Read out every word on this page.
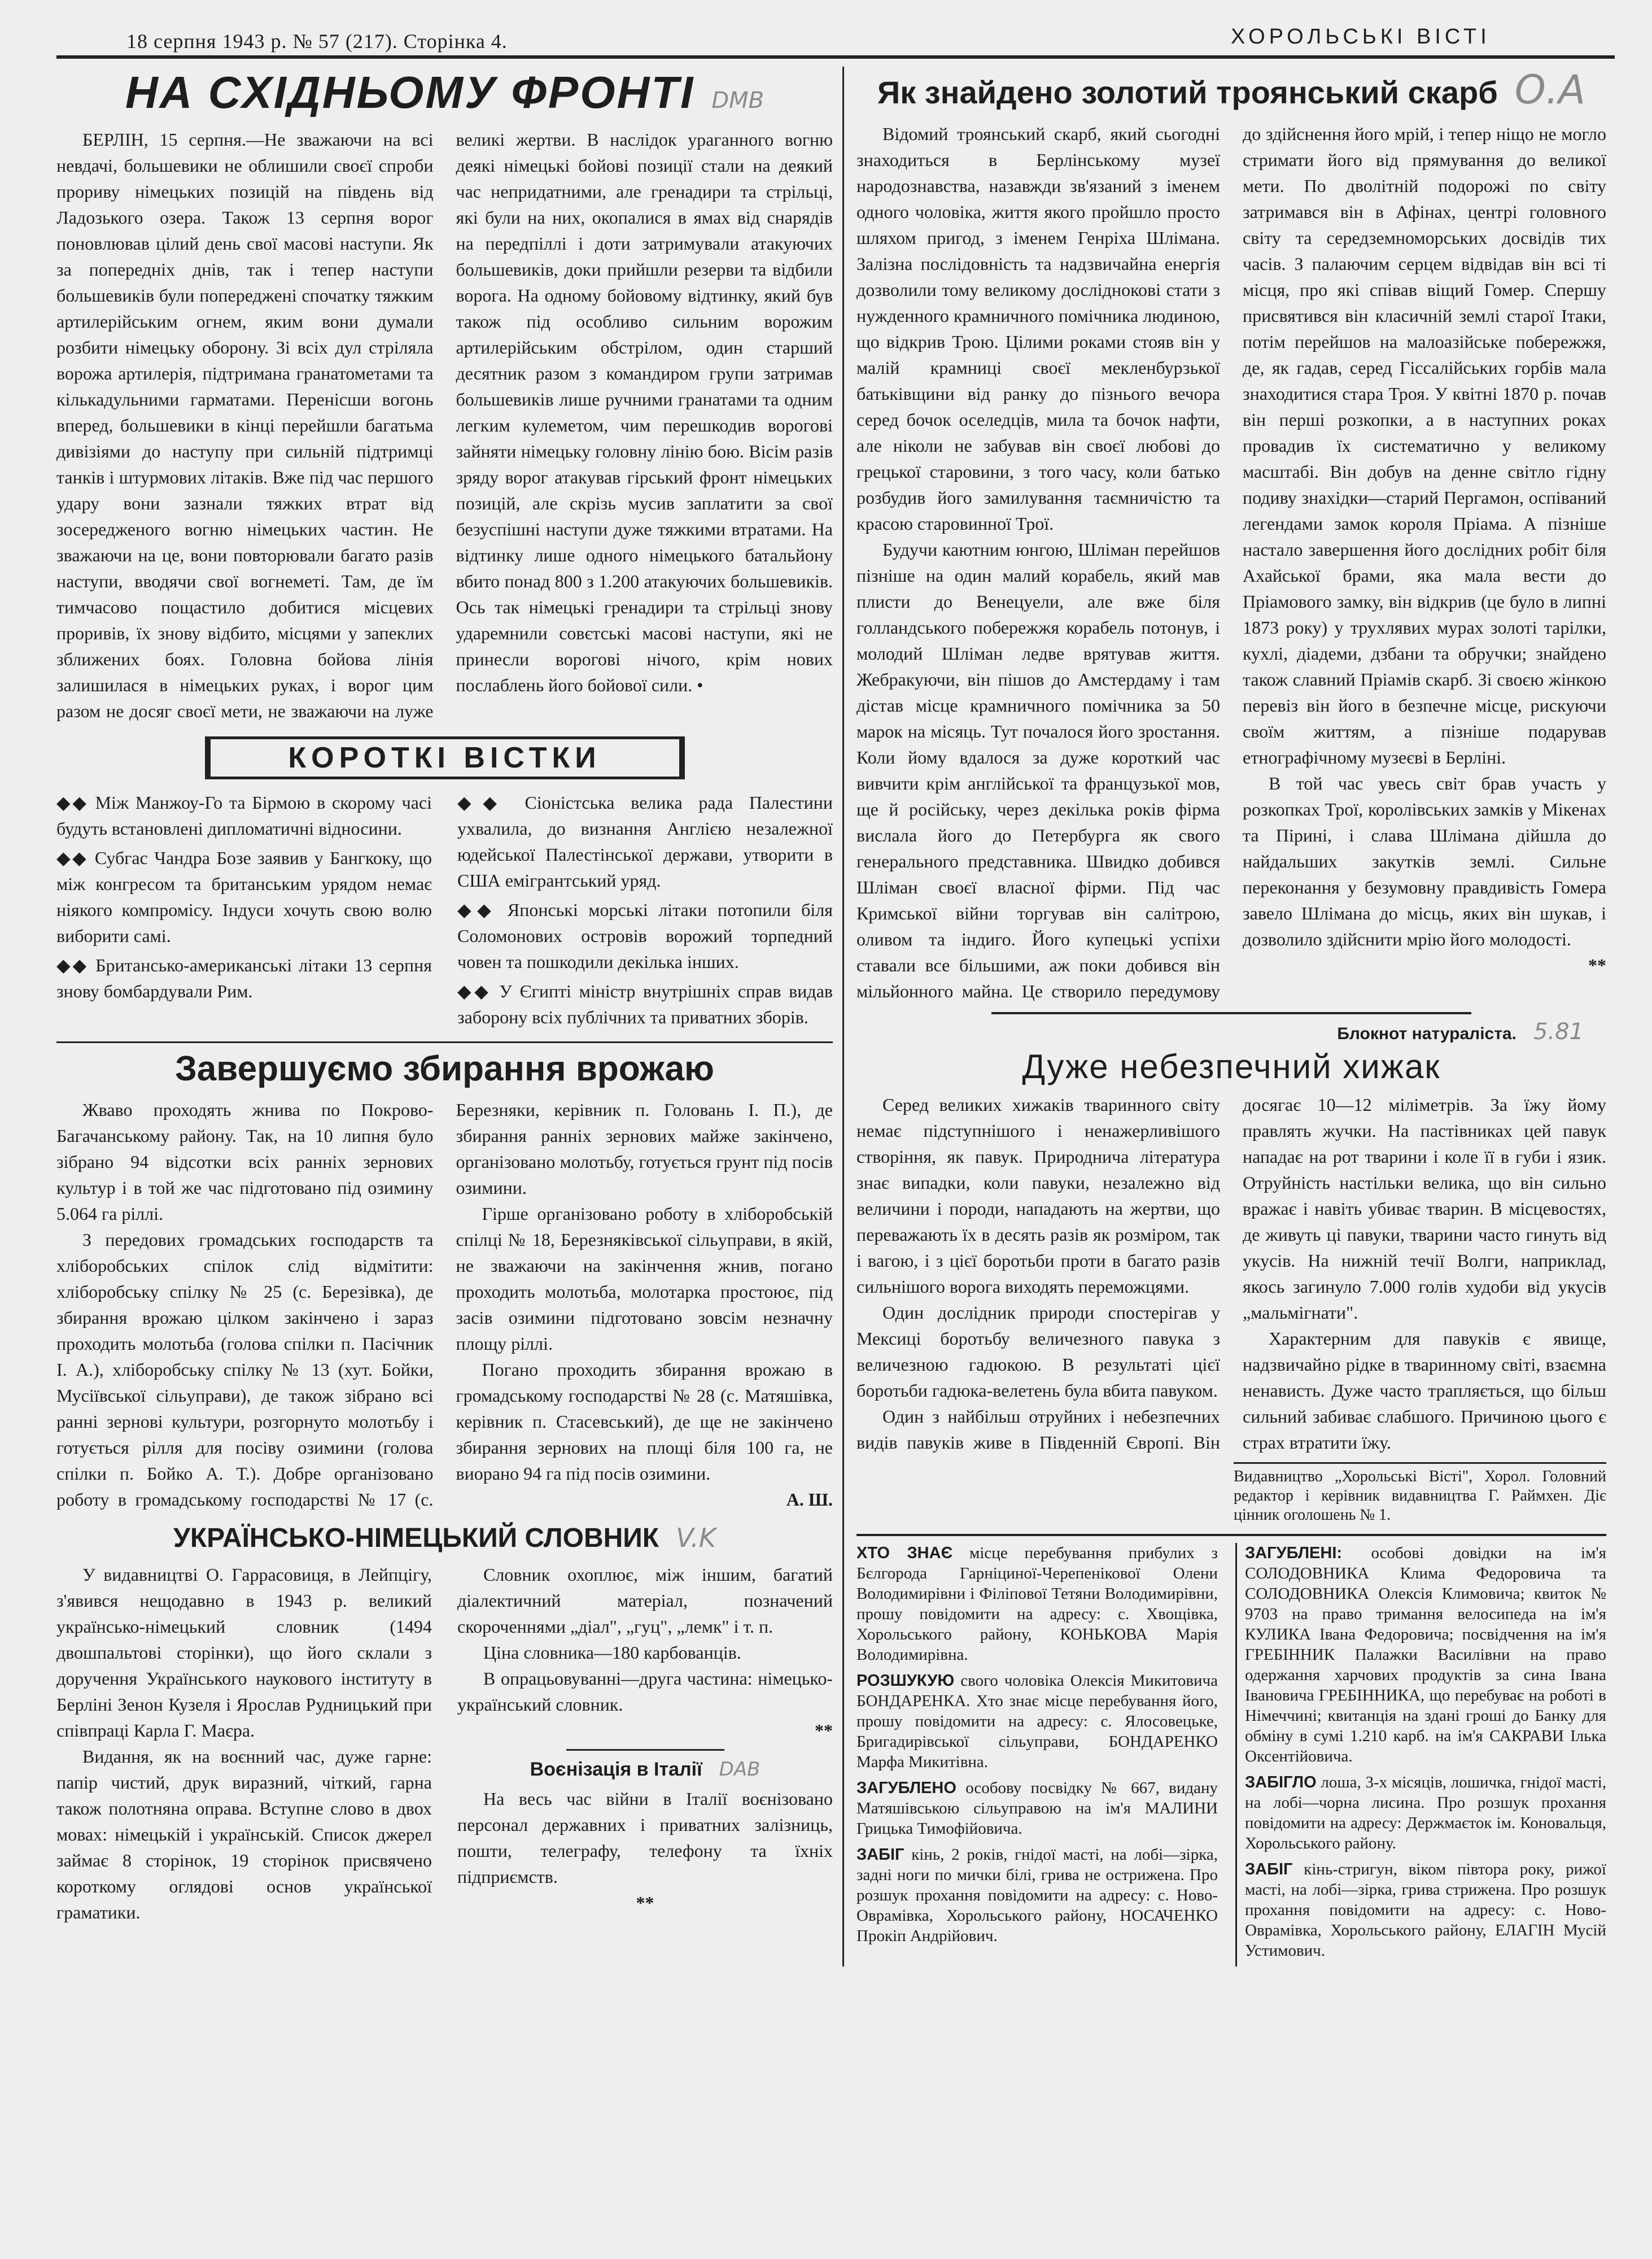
18 серпня 1943 р. № 57 (217). Сторінка 4.	ХОРОЛЬСЬКІ ВІСТІ
НА СХІДНЬОМУ ФРОНТІ DMB

БЕРЛІН, 15 серпня.—Не зважаючи на всі невдачі, большевики не облишили своєї спроби прориву німецьких позицій на південь від Ладозького озера. Також 13 серпня ворог поновлював цілий день свої масові наступи. Як за попередніх днів, так і тепер наступи большевиків були попереджені спочатку тяжким артилерійським огнем, яким вони думали розбити німецьку оборону. Зі всіх дул стріляла ворожа артилерія, підтримана гранатометами та кількадульними гарматами. Перенісши вогонь вперед, большевики в кінці перейшли багатьма дивізіями до наступу при сильній підтримці танків і штурмових літаків. Вже під час першого удару вони зазнали тяжких втрат від зосередженого вогню німецьких частин. Не зважаючи на це, вони повторювали багато разів наступи, вводячи свої вогнеметі. Там, де їм тимчасово пощастило добитися місцевих проривів, їх знову відбито, місцями у запеклих зближених боях. Головна бойова лінія залишилася в німецьких руках, і ворог цим разом не досяг своєї мети, не зважаючи на луже великі жертви. В наслідок ураганного вогню деякі німецькі бойові позиції стали на деякий час непридатними, але гренадири та стрільці, які були на них, окопалися в ямах від снарядів на передпіллі і доти затримували атакуючих большевиків, доки прийшли резерви та відбили ворога. На одному бойовому відтинку, який був також під особливо сильним ворожим артилерійським обстрілом, один старший десятник разом з командиром групи затримав большевиків лише ручними гранатами та одним легким кулеметом, чим перешкодив ворогові зайняти німецьку головну лінію бою. Вісім разів зряду ворог атакував гірський фронт німецьких позицій, але скрізь мусив заплатити за свої безуспішні наступи дуже тяжкими втратами. На відтинку лише одного німецького батальйону вбито понад 800 з 1.200 атакуючих большевиків. Ось так німецькі гренадири та стрільці знову ударемнили совєтські масові наступи, які не принесли ворогові нічого, крім нових послаблень його бойової сили. •

КОРОТКІ ВІСТКИ

◆◆ Між Манжоу-Го та Бірмою в скорому часі будуть встановлені дипломатичні відносини.

◆◆ Субгас Чандра Бозе заявив у Бангкоку, що між конгресом та британським урядом немає ніякого компромісу. Індуси хочуть свою волю виборити самі.

◆◆ Британсько-американські літаки 13 серпня знову бомбардували Рим.

◆◆ Сіоністська велика рада Палестини ухвалила, до визнання Англією незалежної юдейської Палестінської держави, утворити в США емігрантський уряд.

◆◆ Японські морські літаки потопили біля Соломонових островів ворожий торпедний човен та пошкодили декілька інших.

◆◆ У Єгипті міністр внутрішніх справ видав заборону всіх публічних та приватних зборів.

Завершуємо збирання врожаю

Жваво проходять жнива по Покрово-Багачанському району. Так, на 10 липня було зібрано 94 відсотки всіх ранніх зернових культур і в той же час підготовано під озимину 5.064 га ріллі.

З передових громадських господарств та хліборобських спілок слід відмітити: хліборобську спілку № 25 (с. Березівка), де збирання врожаю цілком закінчено і зараз проходить молотьба (голова спілки п. Пасічник І. А.), хліборобську спілку № 13 (хут. Бойки, Мусіївської сільуправи), де також зібрано всі ранні зернові культури, розгорнуто молотьбу і готується рілля для посіву озимини (голова спілки п. Бойко А. Т.). Добре організовано роботу в громадському господарстві № 17 (с. Березняки, керівник п. Головань І. П.), де збирання ранніх зернових майже закінчено, організовано молотьбу, готується грунт під посів озимини.

Гірше організовано роботу в хліборобській спілці № 18, Березняківської сільуправи, в якій, не зважаючи на закінчення жнив, погано проходить молотьба, молотарка простоює, під засів озимини підготовано зовсім незначну площу ріллі.

Погано проходить збирання врожаю в громадському господарстві № 28 (с. Матяшівка, керівник п. Стасевський), де ще не закінчено збирання зернових на площі біля 100 га, не виорано 94 га під посів озимини.

А. Ш.
УКРАЇНСЬКО-НІМЕЦЬКИЙ СЛОВНИК V.K

У видавництві О. Гаррасовиця, в Лейпцігу, з'явився нещодавно в 1943 р. великий українсько-німецький словник (1494 двошпальтові сторінки), що його склали з доручення Українського наукового інституту в Берліні Зенон Кузеля і Ярослав Рудницький при співпраці Карла Г. Маєра.

Видання, як на воєнний час, дуже гарне: папір чистий, друк виразний, чіткий, гарна також полотняна оправа. Вступне слово в двох мовах: німецькій і українській. Список джерел займає 8 сторінок, 19 сторінок присвячено короткому оглядові основ української граматики.

Словник охоплює, між іншим, багатий діалектичний матеріал, позначений скороченнями „діал", „гуц", „лемк" і т. п.

Ціна словника—180 карбованців.

В опрацьовуванні—друга частина: німецько-український словник.

**
Воєнізація в Італії DAB

На весь час війни в Італії воєнізовано персонал державних і приватних залізниць, пошти, телеграфу, телефону та їхніх підприємств.

**
Як знайдено золотий троянський скарб О.А

Відомий троянський скарб, який сьогодні знаходиться в Берлінському музеї народознавства, назавжди зв'язаний з іменем одного чоловіка, життя якого пройшло просто шляхом пригод, з іменем Генріха Шлімана. Залізна послідовність та надзвичайна енергія дозволили тому великому досліднокові стати з нужденного крамничного помічника людиною, що відкрив Трою. Цілими роками стояв він у малій крамниці своєї мекленбурзької батьківщини від ранку до пізнього вечора серед бочок оселедців, мила та бочок нафти, але ніколи не забував він своєї любові до грецької старовини, з того часу, коли батько розбудив його замилування таємничістю та красою старовинної Трої.

Будучи каютним юнгою, Шліман перейшов пізніше на один малий корабель, який мав плисти до Венецуели, але вже біля голландського побережжя корабель потонув, і молодий Шліман ледве врятував життя. Жебракуючи, він пішов до Амстердаму і там дістав місце крамничного помічника за 50 марок на місяць. Тут почалося його зростання. Коли йому вдалося за дуже короткий час вивчити крім англійської та французької мов, ще й російську, через декілька років фірма вислала його до Петербурга як свого генерального представника. Швидко добився Шліман своєї власної фірми. Під час Кримської війни торгував він салітрою, оливом та індиго. Його купецькі успіхи ставали все більшими, аж поки добився він мільйонного майна. Це створило передумову до здійснення його мрій, і тепер ніщо не могло стримати його від прямування до великої мети. По дволітній подорожі по світу затримався він в Афінах, центрі головного світу та середземноморських досвідів тих часів. З палаючим серцем відвідав він всі ті місця, про які співав віщий Гомер. Спершу присвятився він класичній землі старої Ітаки, потім перейшов на малоазійське побережжя, де, як гадав, серед Гіссалійських горбів мала знаходитися стара Троя. У квітні 1870 р. почав він перші розкопки, а в наступних роках провадив їх систематично у великому масштабі. Він добув на денне світло гідну подиву знахідки—старий Пергамон, оспіваний легендами замок короля Пріама. А пізніше настало завершення його дослідних робіт біля Ахайської брами, яка мала вести до Пріамового замку, він відкрив (це було в липні 1873 року) у трухлявих мурах золоті тарілки, кухлі, діадеми, дзбани та обручки; знайдено також славний Пріамів скарб. Зі своєю жінкою перевіз він його в безпечне місце, рискуючи своїм життям, а пізніше подарував етнографічному музеєві в Берліні.

В той час увесь світ брав участь у розкопках Трої, королівських замків у Мікенах та Пірині, і слава Шлімана дійшла до найдальших закутків землі. Сильне переконання у безумовну правдивість Гомера завело Шлімана до місць, яких він шукав, і дозволило здійснити мрію його молодості.

**
Блокнот натураліста. 5.81
Дуже небезпечний хижак

Серед великих хижаків тваринного світу немає підступнішого і ненажерливішого створіння, як павук. Природнича література знає випадки, коли павуки, незалежно від величини і породи, нападають на жертви, що переважають їх в десять разів як розміром, так і вагою, і з цієї боротьби проти в багато разів сильнішого ворога виходять переможцями.

Один дослідник природи спостерігав у Мексиці боротьбу величезного павука з величезною гадюкою. В результаті цієї боротьби гадюка-велетень була вбита павуком.

Один з найбільш отруйних і небезпечних видів павуків живе в Південній Європі. Він досягає 10—12 міліметрів. За їжу йому правлять жучки. На пастівниках цей павук нападає на рот тварини і коле її в губи і язик. Отруйність настільки велика, що він сильно вражає і навіть убиває тварин. В місцевостях, де живуть ці павуки, тварини часто гинуть від укусів. На нижній течії Волги, наприклад, якось загинуло 7.000 голів худоби від укусів „мальмігнати".

Характерним для павуків є явище, надзвичайно рідке в тваринному світі, взаємна ненависть. Дуже часто трапляється, що більш сильний забиває слабшого. Причиною цього є страх втратити їжу.

Видавництво „Хорольські Вісті", Хорол. Головний редактор і керівник видавництва Г. Раймхен. Діє цінник оголошень № 1.

ХТО ЗНАЄ місце перебування прибулих з Бєлгорода Гарніциної-Черепенікової Олени Володимирівни і Філіпової Тетяни Володимирівни, прошу повідомити на адресу: с. Хвощівка, Хорольського району, КОНЬКОВА Марія Володимирівна.

РОЗШУКУЮ свого чоловіка Олексія Микитовича БОНДАРЕНКА. Хто знає місце перебування його, прошу повідомити на адресу: с. Ялосовецьке, Бригадирівської сільуправи, БОНДАРЕНКО Марфа Микитівна.

ЗАГУБЛЕНО особову посвідку № 667, видану Матяшівською сільуправою на ім'я МАЛИНИ Грицька Тимофійовича.

ЗАБІГ кінь, 2 років, гнідої масті, на лобі—зірка, задні ноги по мички білі, грива не острижена. Про розшук прохання повідомити на адресу: с. Ново-Оврамівка, Хорольського району, НОСАЧЕНКО Прокіп Андрійович.

ЗАГУБЛЕНІ: особові довідки на ім'я СОЛОДОВНИКА Клима Федоровича та СОЛОДОВНИКА Олексія Климовича; квиток № 9703 на право тримання велосипеда на ім'я КУЛИКА Івана Федоровича; посвідчення на ім'я ГРЕБІННИК Палажки Василівни на право одержання харчових продуктів за сина Івана Івановича ГРЕБІННИКА, що перебуває на роботі в Німеччині; квитанція на здані гроші до Банку для обміну в сумі 1.210 карб. на ім'я САКРАВИ Ілька Оксентійовича.

ЗАБІГЛО лоша, 3-х місяців, лошичка, гнідої масті, на лобі—чорна лисина. Про розшук прохання повідомити на адресу: Держмаєток ім. Коновальця, Хорольського району.

ЗАБІГ кінь-стригун, віком півтора року, рижої масті, на лобі—зірка, грива стрижена. Про розшук прохання повідомити на адресу: с. Ново-Оврамівка, Хорольського району, ЕЛАГІН Мусій Устимович.
